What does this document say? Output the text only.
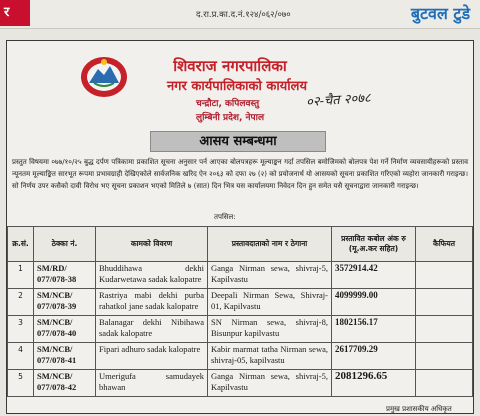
र	द.रा.प्र.का.द.नं.१२४/०६२/०७०	बुटवल टुडे
शिवराज नगरपालिका
नगर कार्यपालिकाको कार्यालय
चन्द्रौटा, कपिलवस्तु
लुम्बिनी प्रदेश, नेपाल
०२-चैत २०७८
आसय सम्बन्धमा
प्रस्तुत विषयमा ०७७/१०/२५ बुद्ध दर्पण पत्रिकामा प्रकाशित सूचना अनुसार पर्न आएका बोलपत्रहरू मूल्याङ्कन गर्दा तपसिल बमोजिमको बोलपत्र पेश गर्ने निर्माण व्यवसायीहरूको प्रस्ताव न्यूनतम मूल्याङ्कित सारभूत रूपमा प्रभावग्राही देखिएकोले सार्वजनिक खरिद ऐन २०६३ को दफा २७ (२) को प्रयोजनार्थ यो आसयको सूचना प्रकाशित गरिएको व्यहोरा जानकारी गराइन्छ। सो निर्णय उपर कसैको दावी विरोध भए सूचना प्रकाशन भएको मितिले ७ (सात) दिन भित्र यस कार्यालयमा निवेदन दिन हुन समेत यसै सूचनाद्वारा जानकारी गराइन्छ।
तपसिल:
क्र.सं.	ठेक्का नं.	कामको विवरण	प्रस्तावदाताको नाम र ठेगाना	प्रस्तावित कबोल अंक रु (मू.अ.कर सहित)	कैफियत
1	SM/RD/ 077/078-38	Bhuddihawa dekhi Kudarwetawa sadak kalopatre	Ganga Nirman sewa, shivraj-5, Kapilvastu	3572914.42	
2	SM/NCB/ 077/078-39	Rastriya mabi dekhi purba rahatkol jane sadak kalopatre	Deepali Nirman Sewa, Shivraj-01, Kapilvastu	4099999.00	
3	SM/NCB/ 077/078-40	Balanagar dekhi Nibihawa sadak kalopatre	SN Nirman sewa, shivraj-8, Bisunpur kapilvastu	1802156.17	
4	SM/NCB/ 077/078-41	Fipari adhuro sadak kalopatre	Kabir marmat tatha Nirman sewa, shivraj-05, kapilvastu	2617709.29	
5	SM/NCB/ 077/078-42	Umerigufa samudayek bhawan	Ganga Nirman sewa, shivraj-5, Kapilvastu	2081296.65	
प्रमुख प्रशासकीय अधिकृत
